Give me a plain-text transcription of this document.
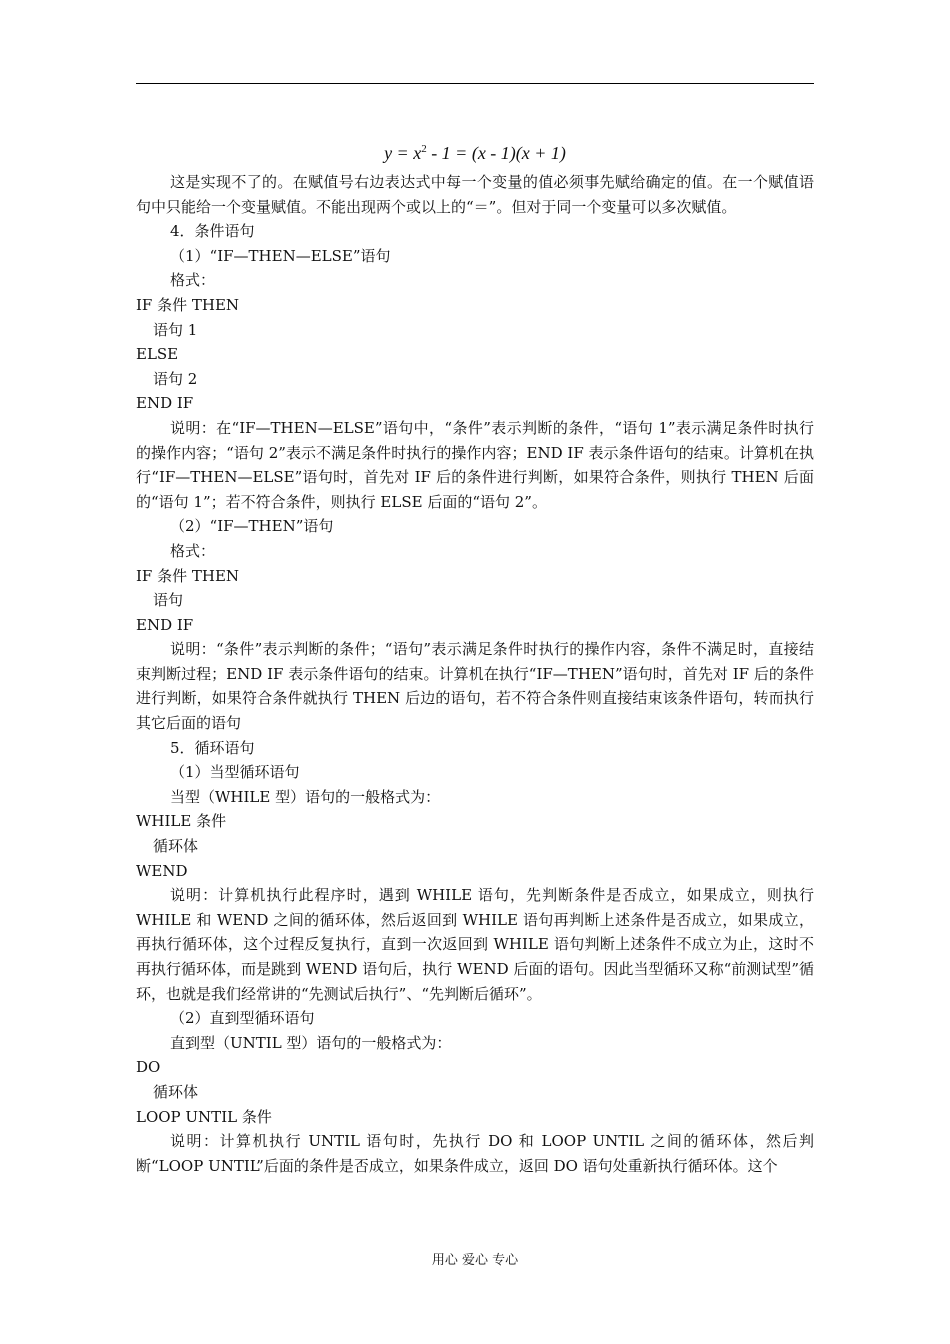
$y = x^2 - 1 = (x - 1)(x + 1)$
这是实现不了的。在赋值号右边表达式中每一个变量的值必须事先赋给确定的值。在一个赋值语句中只能给一个变量赋值。不能出现两个或以上的“＝”。但对于同一个变量可以多次赋值。
4．条件语句
（1）“IF—THEN—ELSE”语句
格式：
IF 条件 THEN
语句 1
ELSE
语句 2
END IF
说明：在“IF—THEN—ELSE”语句中，“条件”表示判断的条件，“语句 1”表示满足条件时执行的操作内容；“语句 2”表示不满足条件时执行的操作内容；END IF 表示条件语句的结束。计算机在执行“IF—THEN—ELSE”语句时，首先对 IF 后的条件进行判断，如果符合条件，则执行 THEN 后面的“语句 1”；若不符合条件，则执行 ELSE 后面的“语句 2”。
（2）“IF—THEN”语句
格式：
IF 条件 THEN
语句
END IF
说明：“条件”表示判断的条件；“语句”表示满足条件时执行的操作内容，条件不满足时，直接结束判断过程；END IF 表示条件语句的结束。计算机在执行“IF—THEN”语句时，首先对 IF 后的条件进行判断，如果符合条件就执行 THEN 后边的语句，若不符合条件则直接结束该条件语句，转而执行其它后面的语句
5．循环语句
（1）当型循环语句
当型（WHILE 型）语句的一般格式为：
WHILE 条件
循环体
WEND
说明：计算机执行此程序时，遇到 WHILE 语句，先判断条件是否成立，如果成立，则执行 WHILE 和 WEND 之间的循环体，然后返回到 WHILE 语句再判断上述条件是否成立，如果成立，再执行循环体，这个过程反复执行，直到一次返回到 WHILE 语句判断上述条件不成立为止，这时不再执行循环体，而是跳到 WEND 语句后，执行 WEND 后面的语句。因此当型循环又称“前测试型”循环，也就是我们经常讲的“先测试后执行”、“先判断后循环”。
（2）直到型循环语句
直到型（UNTIL 型）语句的一般格式为：
DO
循环体
LOOP UNTIL 条件
说明：计算机执行 UNTIL 语句时，先执行 DO 和 LOOP UNTIL 之间的循环体，然后判断“LOOP UNTIL”后面的条件是否成立，如果条件成立，返回 DO 语句处重新执行循环体。这个
用心 爱心 专心
